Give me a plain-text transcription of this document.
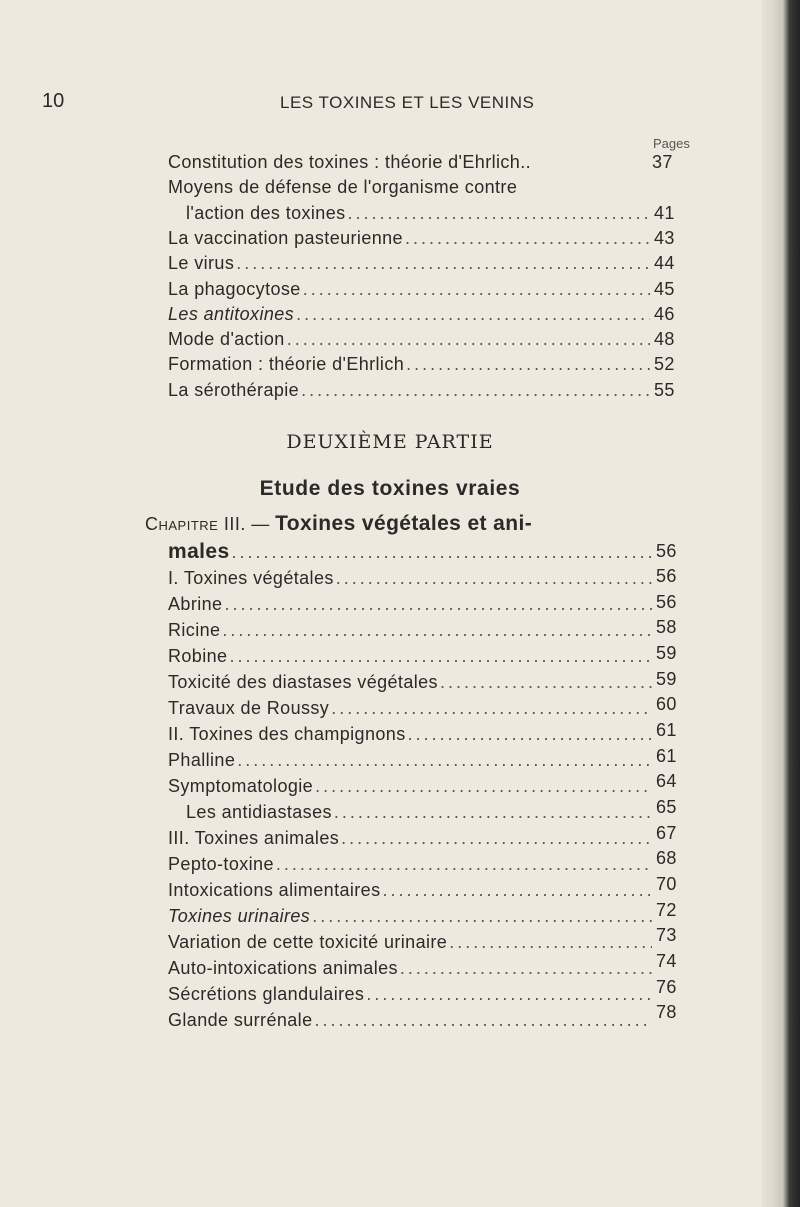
10	LES TOXINES ET LES VENINS
Pages
Constitution des toxines : théorie d'Ehrlich..	37
Moyens de défense de l'organisme contre
l'action des toxines . . .	41
La vaccination pasteurienne . . .	43
Le virus . . .	44
La phagocytose . . .	45
Les antitoxines . . .	46
Mode d'action . . .	48
Formation : théorie d'Ehrlich . . .	52
La sérothérapie . . .	55
DEUXIÈME PARTIE
Etude des toxines vraies
Chapitre III. — Toxines végétales et ani-
males . . .	56
I. Toxines végétales . . .	56
Abrine . . .	56
Ricine . . .	58
Robine . . .	59
Toxicité des diastases végétales . . .	59
Travaux de Roussy . . .	60
II. Toxines des champignons . . .	61
Phalline . . .	61
Symptomatologie . . .	64
Les antidiastases . . .	65
III. Toxines animales . . .	67
Pepto-toxine . . .	68
Intoxications alimentaires . . .	70
Toxines urinaires . . .	72
Variation de cette toxicité urinaire . . .	73
Auto-intoxications animales . . .	74
Sécrétions glandulaires . . .	76
Glande surrénale . . .	78
